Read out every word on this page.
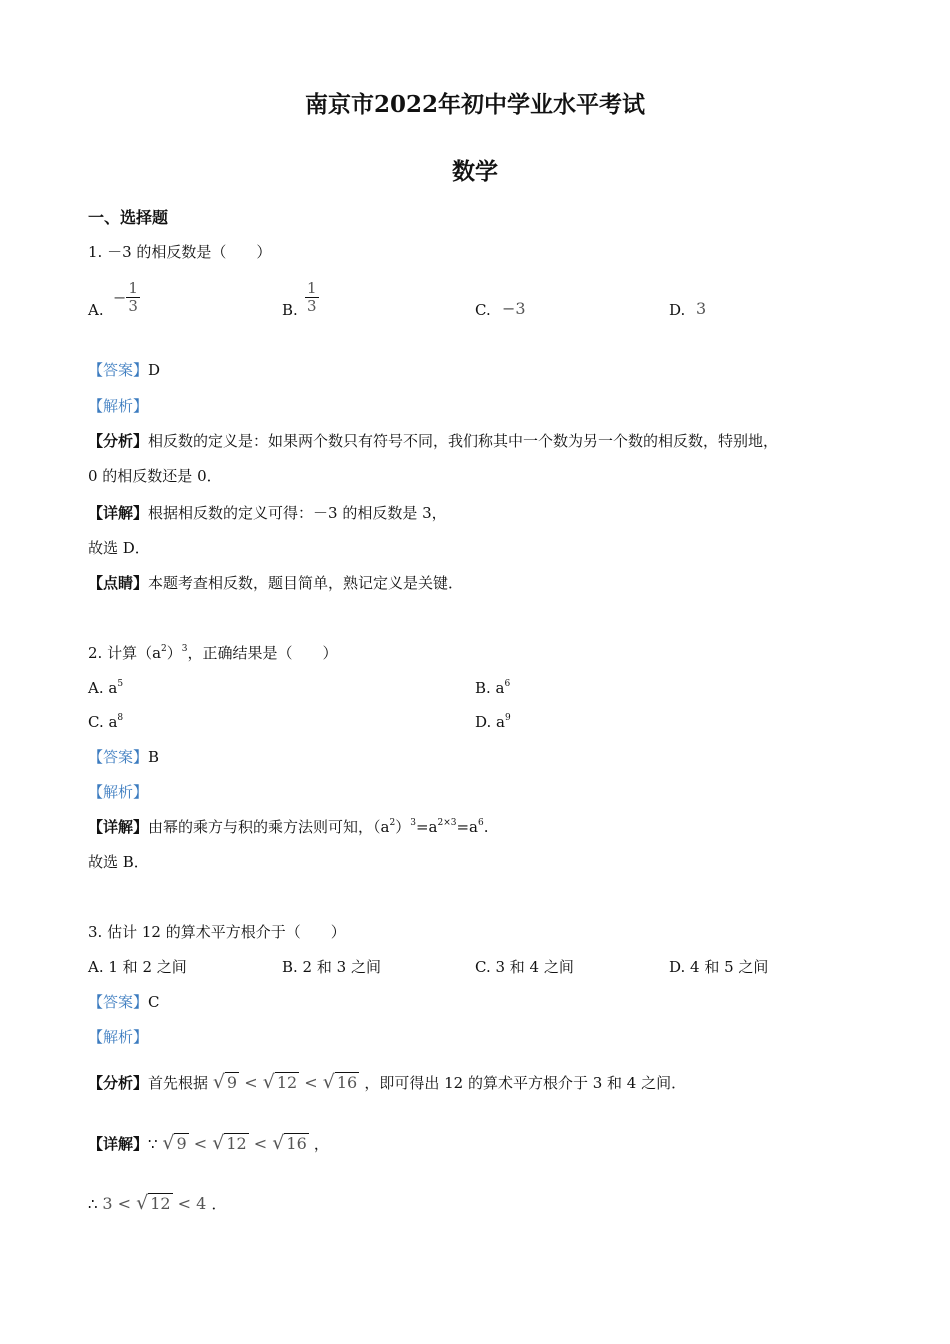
南京市2022年初中学业水平考试
数学
一、选择题
1. －3 的相反数是（　　）
A.
− $\frac{1}{3}$	B. $\frac{1}{3}$	C. −3	D. 3
【答案】D
【解析】
【分析】相反数的定义是：如果两个数只有符号不同，我们称其中一个数为另一个数的相反数，特别地，
0 的相反数还是 0．
【详解】根据相反数的定义可得：－3 的相反数是 3，
故选 D．
【点睛】本题考查相反数，题目简单，熟记定义是关键．
2. 计算$(a^2)^3$，正确结果是（　　）
A. $a^5$	B. $a^6$
C. $a^8$	D. $a^9$
【答案】B
【解析】
【详解】由幂的乘方与积的乘方法则可知，$(a^2)^3=a^{2\times 3}=a^6$.
故选 B．
3. 估计 12 的算术平方根介于（　　）
A. 1 和 2 之间	B. 2 和 3 之间	C. 3 和 4 之间	D. 4 和 5 之间
【答案】C
【解析】
【分析】首先根据 √ 9 < √ 12 < √ 16 ，即可得出 12 的算术平方根介于 3 和 4 之间．
【详解】∵ √ 9 < √ 12 < √ 16 ，
∴ 3 < √ 12 < 4 ．
